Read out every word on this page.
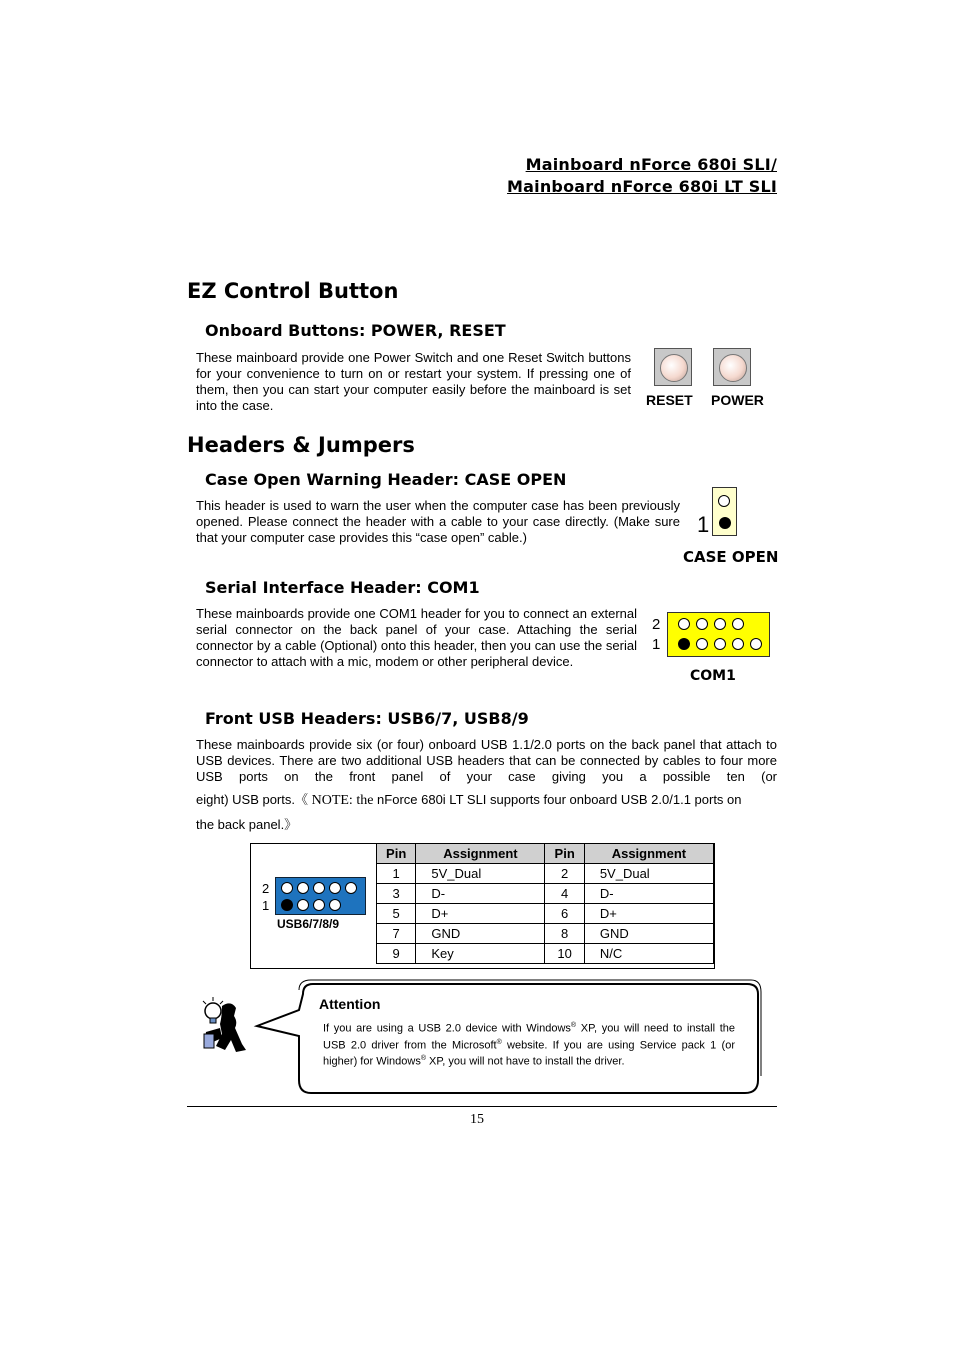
Mainboard nForce 680i SLI/
Mainboard nForce 680i LT SLI
EZ Control Button
Onboard Buttons: POWER, RESET
These mainboard provide one Power Switch and one Reset Switch buttons for your convenience to turn on or restart your system. If pressing one of them, then you can start your computer easily before the mainboard is set into the case.	RESET POWER
Headers & Jumpers
Case Open Warning Header: CASE OPEN
This header is used to warn the user when the computer case has been previously opened. Please connect the header with a cable to your case directly. (Make sure that your computer case provides this “case open” cable.)
1
CASE OPEN
Serial Interface Header: COM1
These mainboards provide one COM1 header for you to connect an external serial connector on the back panel of your case. Attaching the serial connector by a cable (Optional) onto this header, then you can use the serial connector to attach with a mic, modem or other peripheral device.
2
1
COM1
Front USB Headers: USB6/7, USB8/9
These mainboards provide six (or four) onboard USB 1.1/2.0 ports on the back panel that attach to USB devices. There are two additional USB headers that can be connected by cables to four more USB ports on the front panel of your case giving you a possible ten (or
eight) USB ports.《 NOTE: the nForce 680i LT SLI supports four onboard USB 2.0/1.1 ports on
the back panel.》
2
1
USB6/7/8/9
Pin	Assignment	Pin	Assignment
1	5V_Dual	2	5V_Dual
3	D-	4	D-
5	D+	6	D+
7	GND	8	GND
9	Key	10	N/C
Attention
If you are using a USB 2.0 device with Windows® XP, you will need to install the USB 2.0 driver from the Microsoft® website. If you are using Service pack 1 (or higher) for Windows® XP, you will not have to install the driver.
15
